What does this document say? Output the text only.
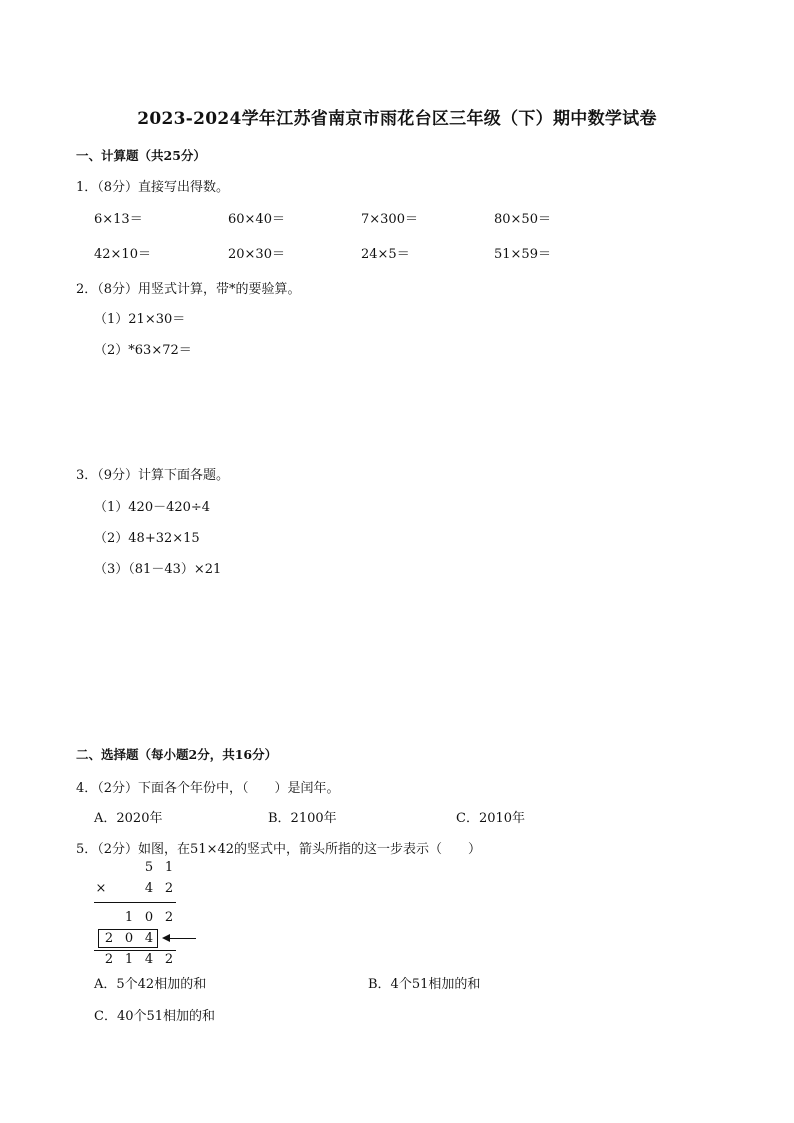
2023-2024学年江苏省南京市雨花台区三年级（下）期中数学试卷
一、计算题（共25分）
1．（8分）直接写出得数。
6×13＝	60×40＝	7×300＝	80×50＝
42×10＝	20×30＝	24×5＝	51×59＝
2．（8分）用竖式计算，带*的要验算。
（1）21×30＝
（2）*63×72＝
3．（9分）计算下面各题。
（1）420－420÷4
（2）48+32×15
（3）（81－43）×21
二、选择题（每小题2分，共16分）
4．（2分）下面各个年份中，（　　）是闰年。
A．2020年	B．2100年	C．2010年
5．（2分）如图，在51×42的竖式中，箭头所指的这一步表示（　　）
5 1
×	4 2
1 0 2
2 0 4
2 1 4 2
A．5个42相加的和	B．4个51相加的和
C．40个51相加的和
